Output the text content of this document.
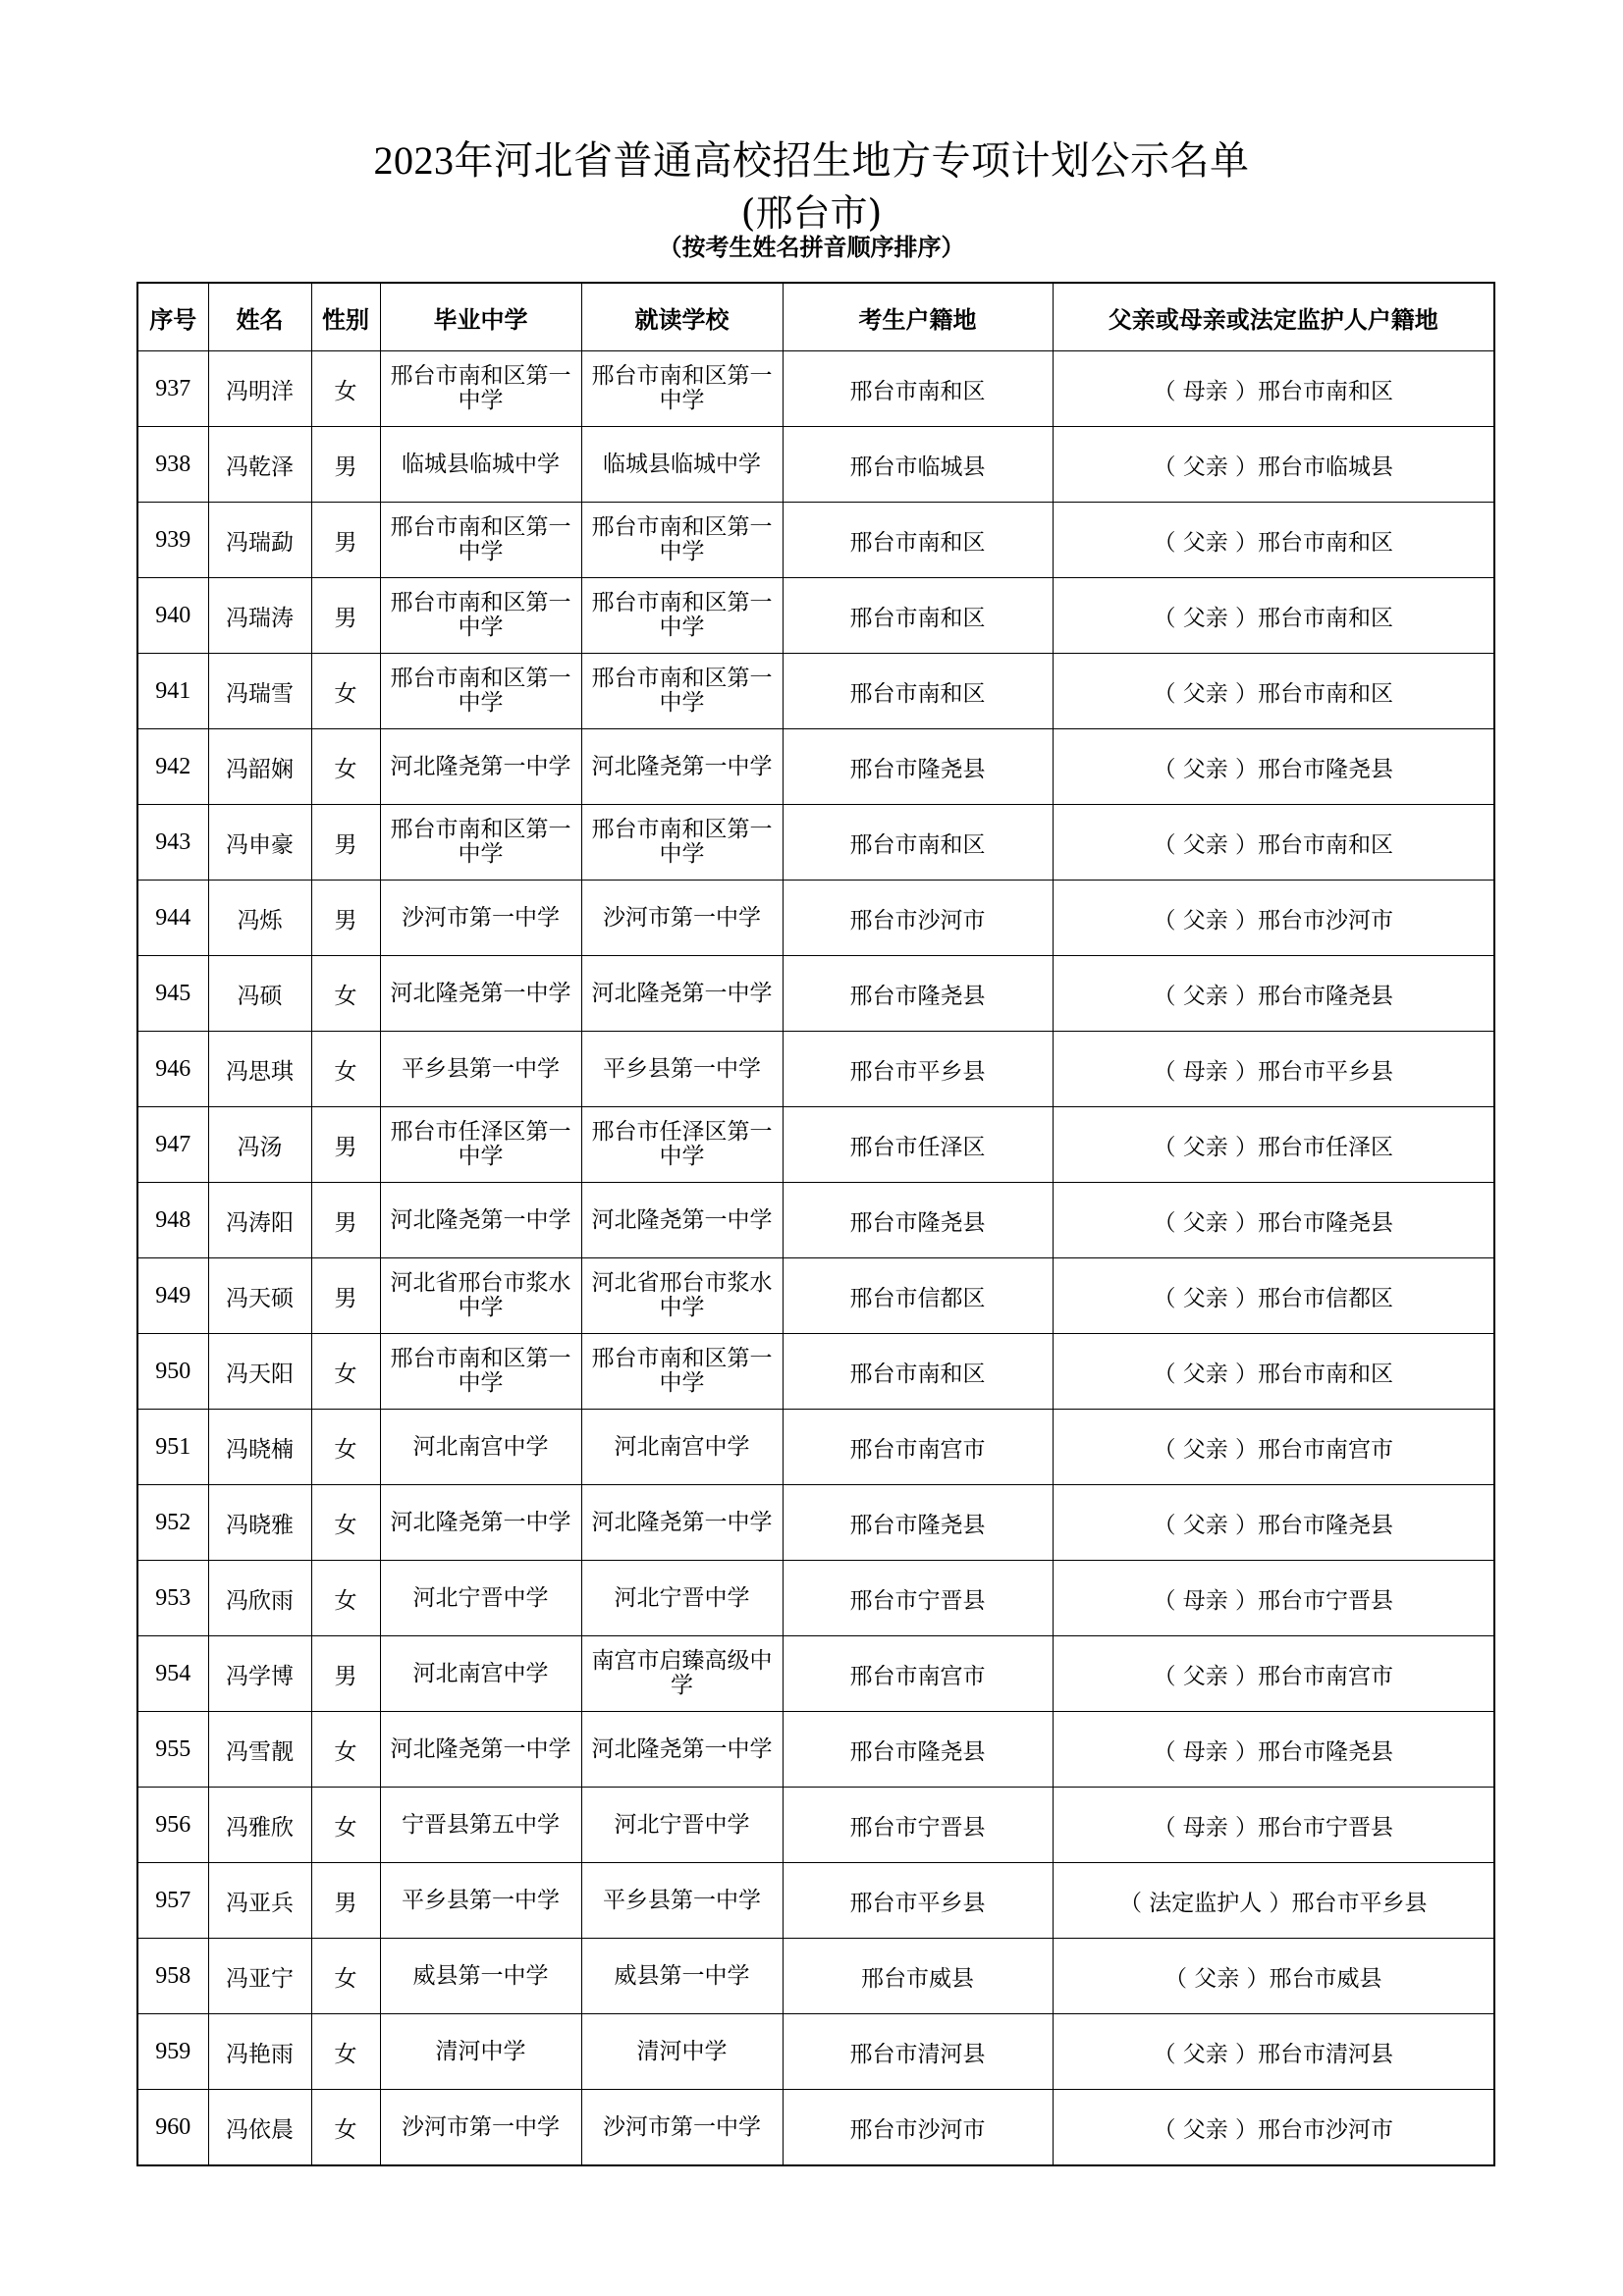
2023年河北省普通高校招生地方专项计划公示名单
(邢台市)
（按考生姓名拼音顺序排序）
序号	姓名	性别	毕业中学	就读学校	考生户籍地	父亲或母亲或法定监护人户籍地
937	冯明洋	女	邢台市南和区第一中学	邢台市南和区第一中学	邢台市南和区	（ 母亲 ）邢台市南和区
938	冯乾泽	男	临城县临城中学	临城县临城中学	邢台市临城县	（ 父亲 ）邢台市临城县
939	冯瑞勐	男	邢台市南和区第一中学	邢台市南和区第一中学	邢台市南和区	（ 父亲 ）邢台市南和区
940	冯瑞涛	男	邢台市南和区第一中学	邢台市南和区第一中学	邢台市南和区	（ 父亲 ）邢台市南和区
941	冯瑞雪	女	邢台市南和区第一中学	邢台市南和区第一中学	邢台市南和区	（ 父亲 ）邢台市南和区
942	冯韶娴	女	河北隆尧第一中学	河北隆尧第一中学	邢台市隆尧县	（ 父亲 ）邢台市隆尧县
943	冯申豪	男	邢台市南和区第一中学	邢台市南和区第一中学	邢台市南和区	（ 父亲 ）邢台市南和区
944	冯烁	男	沙河市第一中学	沙河市第一中学	邢台市沙河市	（ 父亲 ）邢台市沙河市
945	冯硕	女	河北隆尧第一中学	河北隆尧第一中学	邢台市隆尧县	（ 父亲 ）邢台市隆尧县
946	冯思琪	女	平乡县第一中学	平乡县第一中学	邢台市平乡县	（ 母亲 ）邢台市平乡县
947	冯汤	男	邢台市任泽区第一中学	邢台市任泽区第一中学	邢台市任泽区	（ 父亲 ）邢台市任泽区
948	冯涛阳	男	河北隆尧第一中学	河北隆尧第一中学	邢台市隆尧县	（ 父亲 ）邢台市隆尧县
949	冯天硕	男	河北省邢台市浆水中学	河北省邢台市浆水中学	邢台市信都区	（ 父亲 ）邢台市信都区
950	冯天阳	女	邢台市南和区第一中学	邢台市南和区第一中学	邢台市南和区	（ 父亲 ）邢台市南和区
951	冯晓楠	女	河北南宫中学	河北南宫中学	邢台市南宫市	（ 父亲 ）邢台市南宫市
952	冯晓雅	女	河北隆尧第一中学	河北隆尧第一中学	邢台市隆尧县	（ 父亲 ）邢台市隆尧县
953	冯欣雨	女	河北宁晋中学	河北宁晋中学	邢台市宁晋县	（ 母亲 ）邢台市宁晋县
954	冯学博	男	河北南宫中学	南宫市启臻高级中学	邢台市南宫市	（ 父亲 ）邢台市南宫市
955	冯雪靓	女	河北隆尧第一中学	河北隆尧第一中学	邢台市隆尧县	（ 母亲 ）邢台市隆尧县
956	冯雅欣	女	宁晋县第五中学	河北宁晋中学	邢台市宁晋县	（ 母亲 ）邢台市宁晋县
957	冯亚兵	男	平乡县第一中学	平乡县第一中学	邢台市平乡县	（ 法定监护人 ）邢台市平乡县
958	冯亚宁	女	威县第一中学	威县第一中学	邢台市威县	（ 父亲 ）邢台市威县
959	冯艳雨	女	清河中学	清河中学	邢台市清河县	（ 父亲 ）邢台市清河县
960	冯依晨	女	沙河市第一中学	沙河市第一中学	邢台市沙河市	（ 父亲 ）邢台市沙河市
